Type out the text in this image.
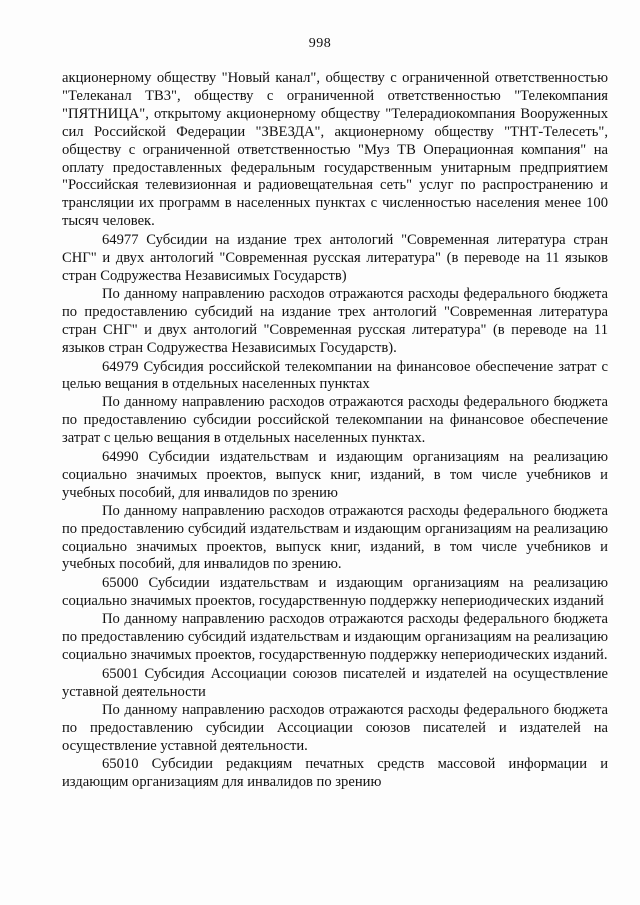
998

акционерному обществу "Новый канал", обществу с ограниченной ответственностью "Телеканал ТВ3", обществу с ограниченной ответственностью "Телекомпания "ПЯТНИЦА", открытому акционерному обществу "Телерадиокомпания Вооруженных сил Российской Федерации "ЗВЕЗДА", акционерному обществу "ТНТ-Телесеть", обществу с ограниченной ответственностью "Муз ТВ Операционная компания" на оплату предоставленных федеральным государственным унитарным предприятием "Российская телевизионная и радиовещательная сеть" услуг по распространению и трансляции их программ в населенных пунктах с численностью населения менее 100 тысяч человек.

64977 Субсидии на издание трех антологий "Современная литература стран СНГ" и двух антологий "Современная русская литература" (в переводе на 11 языков стран Содружества Независимых Государств)

По данному направлению расходов отражаются расходы федерального бюджета по предоставлению субсидий на издание трех антологий "Современная литература стран СНГ" и двух антологий "Современная русская литература" (в переводе на 11 языков стран Содружества Независимых Государств).

64979 Субсидия российской телекомпании на финансовое обеспечение затрат с целью вещания в отдельных населенных пунктах

По данному направлению расходов отражаются расходы федерального бюджета по предоставлению субсидии российской телекомпании на финансовое обеспечение затрат с целью вещания в отдельных населенных пунктах.

64990 Субсидии издательствам и издающим организациям на реализацию социально значимых проектов, выпуск книг, изданий, в том числе учебников и учебных пособий, для инвалидов по зрению

По данному направлению расходов отражаются расходы федерального бюджета по предоставлению субсидий издательствам и издающим организациям на реализацию социально значимых проектов, выпуск книг, изданий, в том числе учебников и учебных пособий, для инвалидов по зрению.

65000 Субсидии издательствам и издающим организациям на реализацию социально значимых проектов, государственную поддержку непериодических изданий

По данному направлению расходов отражаются расходы федерального бюджета по предоставлению субсидий издательствам и издающим организациям на реализацию социально значимых проектов, государственную поддержку непериодических изданий.

65001 Субсидия Ассоциации союзов писателей и издателей на осуществление уставной деятельности

По данному направлению расходов отражаются расходы федерального бюджета по предоставлению субсидии Ассоциации союзов писателей и издателей на осуществление уставной деятельности.

65010 Субсидии редакциям печатных средств массовой информации и издающим организациям для инвалидов по зрению
